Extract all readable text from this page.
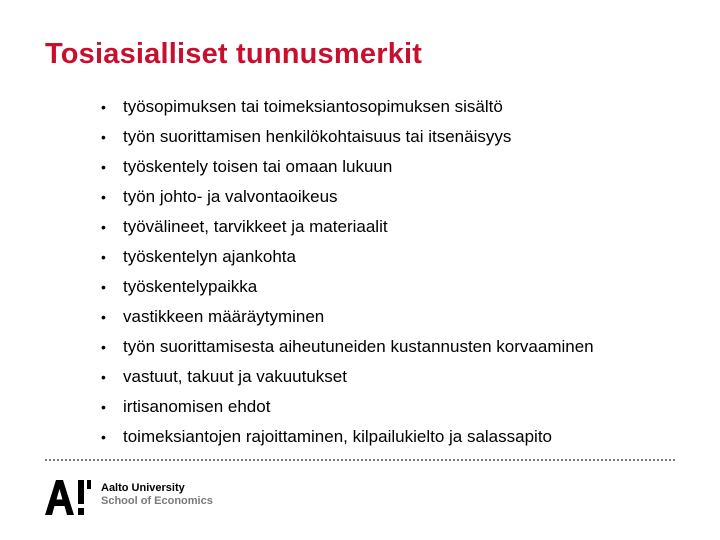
Tosiasialliset tunnusmerkit
• työsopimuksen tai toimeksiantosopimuksen sisältö
• työn suorittamisen henkilökohtaisuus tai itsenäisyys
• työskentely toisen tai omaan lukuun
• työn johto- ja valvontaoikeus
• työvälineet, tarvikkeet ja materiaalit
• työskentelyn ajankohta
• työskentelypaikka
• vastikkeen määräytyminen
• työn suorittamisesta aiheutuneiden kustannusten korvaaminen
• vastuut, takuut ja vakuutukset
• irtisanomisen ehdot
• toimeksiantojen rajoittaminen, kilpailukielto ja salassapito
Aalto University
School of Economics
